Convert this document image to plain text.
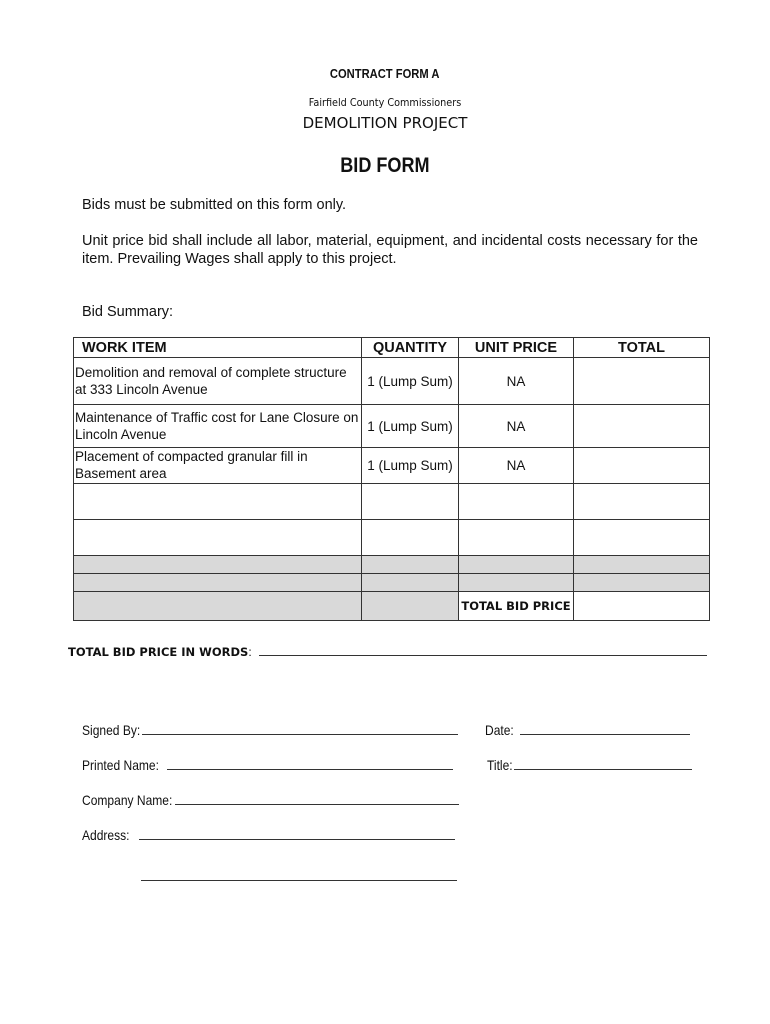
CONTRACT FORM A
Fairfield County Commissioners
DEMOLITION PROJECT
BID FORM
Bids must be submitted on this form only.
Unit price bid shall include all labor, material, equipment, and incidental costs necessary for the item. Prevailing Wages shall apply to this project.
Bid Summary:
WORK ITEM	QUANTITY	UNIT PRICE	TOTAL
Demolition and removal of complete structure at 333 Lincoln Avenue	1 (Lump Sum)	NA	
Maintenance of Traffic cost for Lane Closure on Lincoln Avenue	1 (Lump Sum)	NA	
Placement of compacted granular fill in Basement area	1 (Lump Sum)	NA	

		TOTAL BID PRICE	
TOTAL BID PRICE IN WORDS:
Signed By:	Date:
Printed Name:	Title:
Company Name:
Address:
